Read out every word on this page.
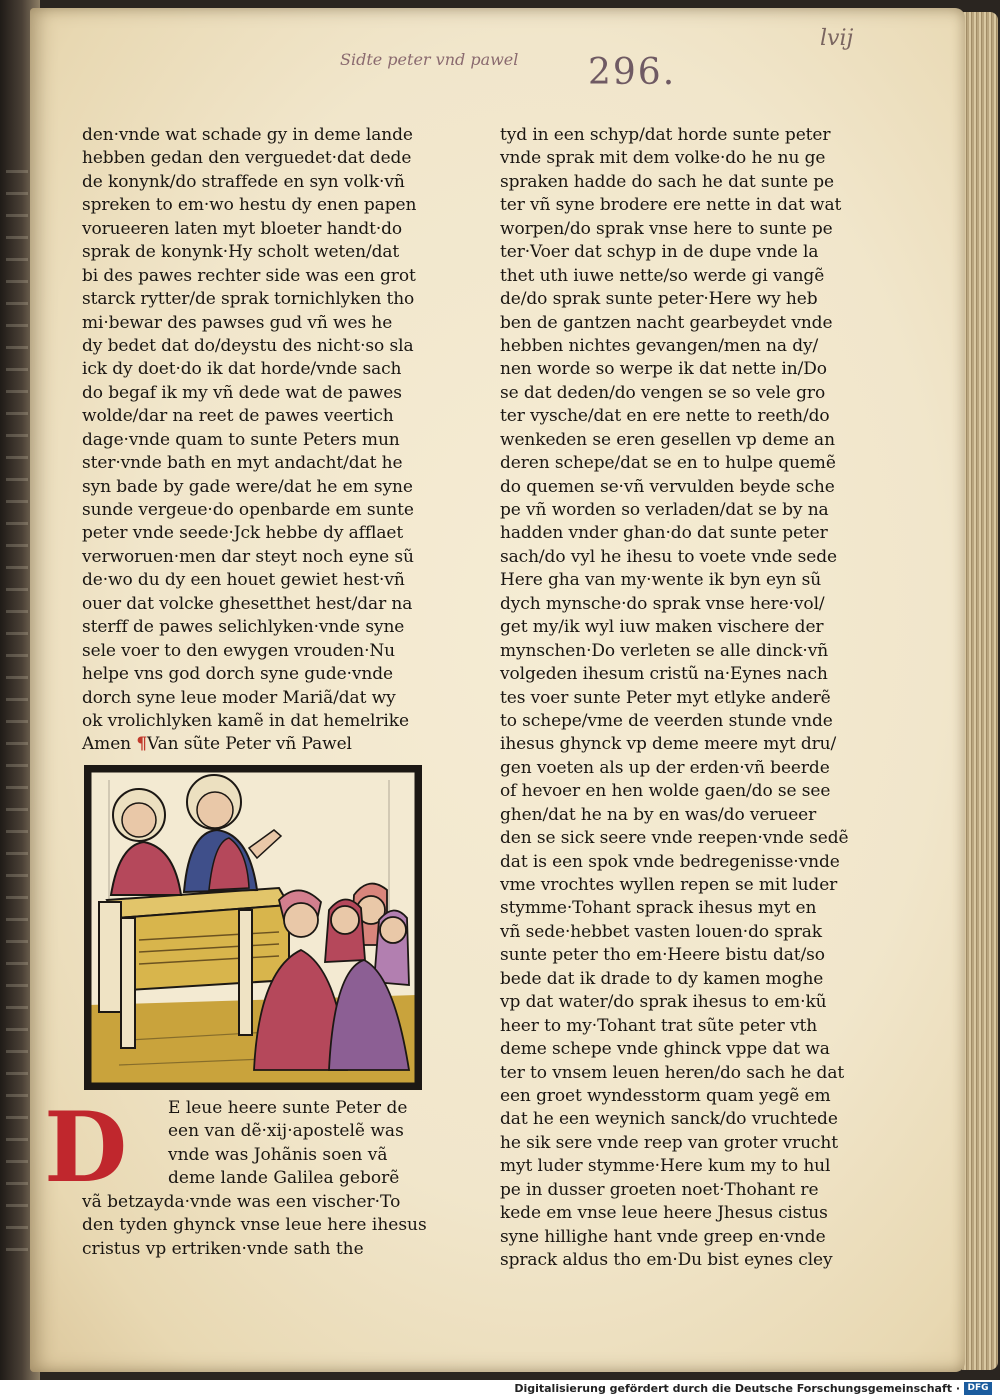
Sidte peter vnd pawel
lvij
296.
den·vnde wat schade gy in deme lande
hebben gedan den verguedet·dat dede
de konynk/do straffede en syn volk·vñ
spreken to em·wo hestu dy enen papen
vorueeren laten myt bloeter handt·do
sprak de konynk·Hy scholt weten/dat
bi des pawes rechter side was een grot
starck rytter/de sprak tornichlyken tho
mi·bewar des pawses gud vñ wes he
dy bedet dat do/deystu des nicht·so sla
ick dy doet·do ik dat horde/vnde sach
do begaf ik my vñ dede wat de pawes
wolde/dar na reet de pawes veertich
dage·vnde quam to sunte Peters mun
ster·vnde bath en myt andacht/dat he
syn bade by gade were/dat he em syne
sunde vergeue·do openbarde em sunte
peter vnde seede·Jck hebbe dy afflaet
verworuen·men dar steyt noch eyne sũ
de·wo du dy een houet gewiet hest·vñ
ouer dat volcke ghesetthet hest/dar na
sterff de pawes selichlyken·vnde syne
sele voer to den ewygen vrouden·Nu
helpe vns god dorch syne gude·vnde
dorch syne leue moder Mariã/dat wy
ok vrolichlyken kamẽ in dat hemelrike
Amen ¶Van sũte Peter vñ Pawel
D	E leue heere sunte Peter de
een van dẽ·xij·apostelẽ was
vnde was Johãnis soen vã
deme lande Galilea geborẽ
vã betzayda·vnde was een vischer·To
den tyden ghynck vnse leue here ihesus
cristus vp ertriken·vnde sath the
tyd in een schyp/dat horde sunte peter
vnde sprak mit dem volke·do he nu ge
spraken hadde do sach he dat sunte pe
ter vñ syne brodere ere nette in dat wat
worpen/do sprak vnse here to sunte pe
ter·Voer dat schyp in de dupe vnde la
thet uth iuwe nette/so werde gi vangẽ
de/do sprak sunte peter·Here wy heb
ben de gantzen nacht gearbeydet vnde
hebben nichtes gevangen/men na dy/
nen worde so werpe ik dat nette in/Do
se dat deden/do vengen se so vele gro
ter vysche/dat en ere nette to reeth/do
wenkeden se eren gesellen vp deme an
deren schepe/dat se en to hulpe quemẽ
do quemen se·vñ vervulden beyde sche
pe vñ worden so verladen/dat se by na
hadden vnder ghan·do dat sunte peter
sach/do vyl he ihesu to voete vnde sede
Here gha van my·wente ik byn eyn sũ
dych mynsche·do sprak vnse here·vol/
get my/ik wyl iuw maken vischere der
mynschen·Do verleten se alle dinck·vñ
volgeden ihesum cristũ na·Eynes nach
tes voer sunte Peter myt etlyke anderẽ
to schepe/vme de veerden stunde vnde
ihesus ghynck vp deme meere myt dru/
gen voeten als up der erden·vñ beerde
of hevoer en hen wolde gaen/do se see
ghen/dat he na by en was/do verueer
den se sick seere vnde reepen·vnde sedẽ
dat is een spok vnde bedregenisse·vnde
vme vrochtes wyllen repen se mit luder
stymme·Tohant sprack ihesus myt en
vñ sede·hebbet vasten louen·do sprak
sunte peter tho em·Heere bistu dat/so
bede dat ik drade to dy kamen moghe
vp dat water/do sprak ihesus to em·kũ
heer to my·Tohant trat sũte peter vth
deme schepe vnde ghinck vppe dat wa
ter to vnsem leuen heren/do sach he dat
een groet wyndesstorm quam yegẽ em
dat he een weynich sanck/do vruchtede
he sik sere vnde reep van groter vrucht
myt luder stymme·Here kum my to hul
pe in dusser groeten noet·Thohant re
kede em vnse leue heere Jhesus cistus
syne hillighe hant vnde greep en·vnde
sprack aldus tho em·Du bist eynes cley
Digitalisierung gefördert durch die Deutsche Forschungsgemeinschaft · DFG
